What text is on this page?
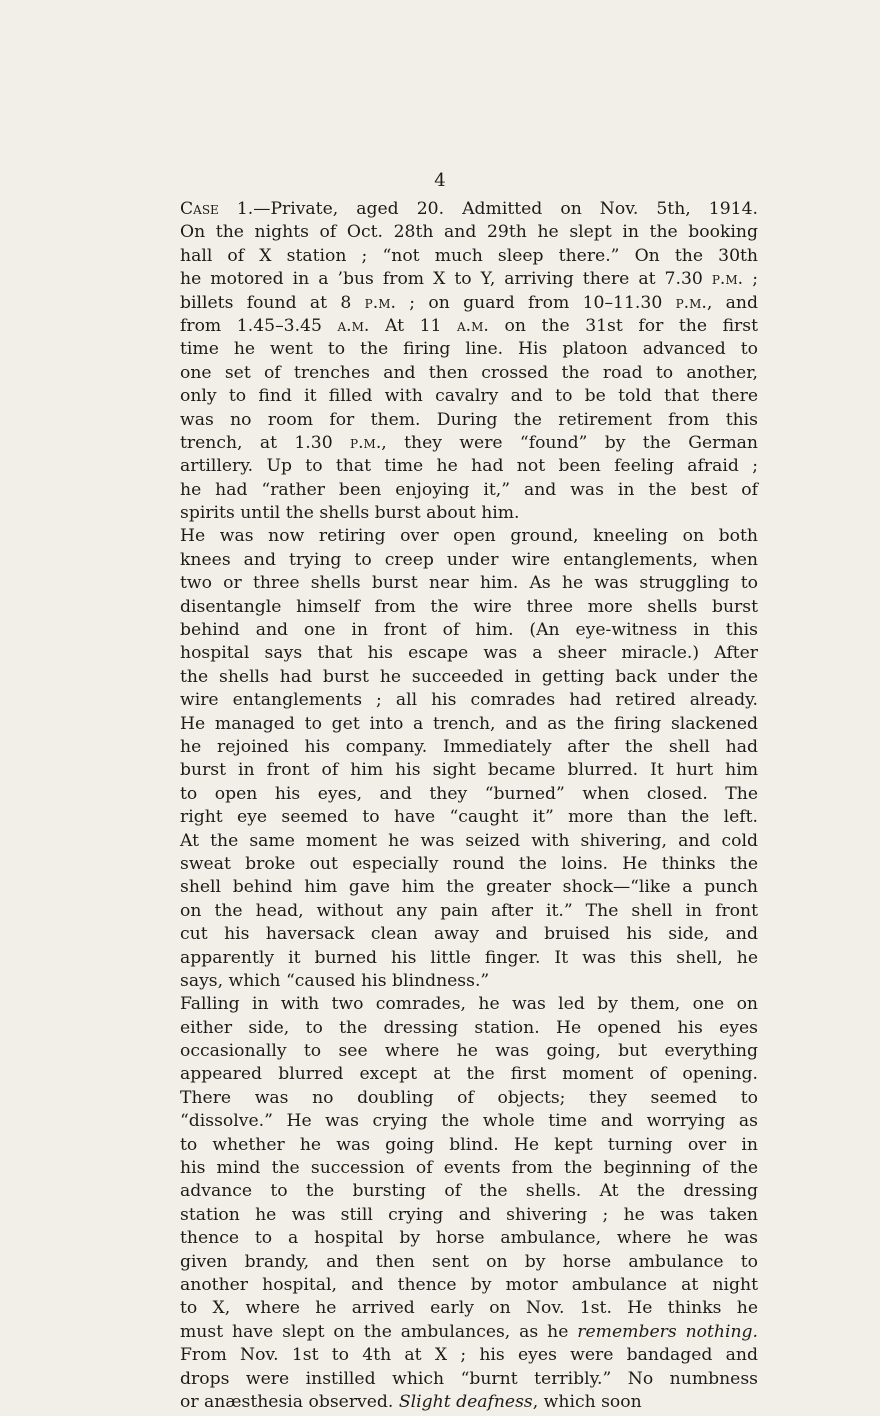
4
Case 1.—Private, aged 20. Admitted on Nov. 5th, 1914.
On the nights of Oct. 28th and 29th he slept in the booking
hall of X station ; “not much sleep there.” On the 30th
he motored in a ’bus from X to Y, arriving there at 7.30 p.m. ;
billets found at 8 p.m. ; on guard from 10–11.30 p.m., and
from 1.45–3.45 a.m. At 11 a.m. on the 31st for the first
time he went to the firing line. His platoon advanced to
one set of trenches and then crossed the road to another,
only to find it filled with cavalry and to be told that there
was no room for them. During the retirement from this
trench, at 1.30 p.m., they were “found” by the German
artillery. Up to that time he had not been feeling afraid ;
he had “rather been enjoying it,” and was in the best of
spirits until the shells burst about him.
He was now retiring over open ground, kneeling on both
knees and trying to creep under wire entanglements, when
two or three shells burst near him. As he was struggling to
disentangle himself from the wire three more shells burst
behind and one in front of him. (An eye-witness in this
hospital says that his escape was a sheer miracle.) After
the shells had burst he succeeded in getting back under the
wire entanglements ; all his comrades had retired already.
He managed to get into a trench, and as the firing slackened
he rejoined his company. Immediately after the shell had
burst in front of him his sight became blurred. It hurt him
to open his eyes, and they “burned” when closed. The
right eye seemed to have “caught it” more than the left.
At the same moment he was seized with shivering, and cold
sweat broke out especially round the loins. He thinks the
shell behind him gave him the greater shock—“like a punch
on the head, without any pain after it.” The shell in front
cut his haversack clean away and bruised his side, and
apparently it burned his little finger. It was this shell, he
says, which “caused his blindness.”
Falling in with two comrades, he was led by them, one on
either side, to the dressing station. He opened his eyes
occasionally to see where he was going, but everything
appeared blurred except at the first moment of opening.
There was no doubling of objects; they seemed to
“dissolve.” He was crying the whole time and worrying as
to whether he was going blind. He kept turning over in
his mind the succession of events from the beginning of the
advance to the bursting of the shells. At the dressing
station he was still crying and shivering ; he was taken
thence to a hospital by horse ambulance, where he was
given brandy, and then sent on by horse ambulance to
another hospital, and thence by motor ambulance at night
to X, where he arrived early on Nov. 1st. He thinks he
must have slept on the ambulances, as he remembers nothing.
From Nov. 1st to 4th at X ; his eyes were bandaged and
drops were instilled which “burnt terribly.” No numbness
or anæsthesia observed. Slight deafness, which soon
